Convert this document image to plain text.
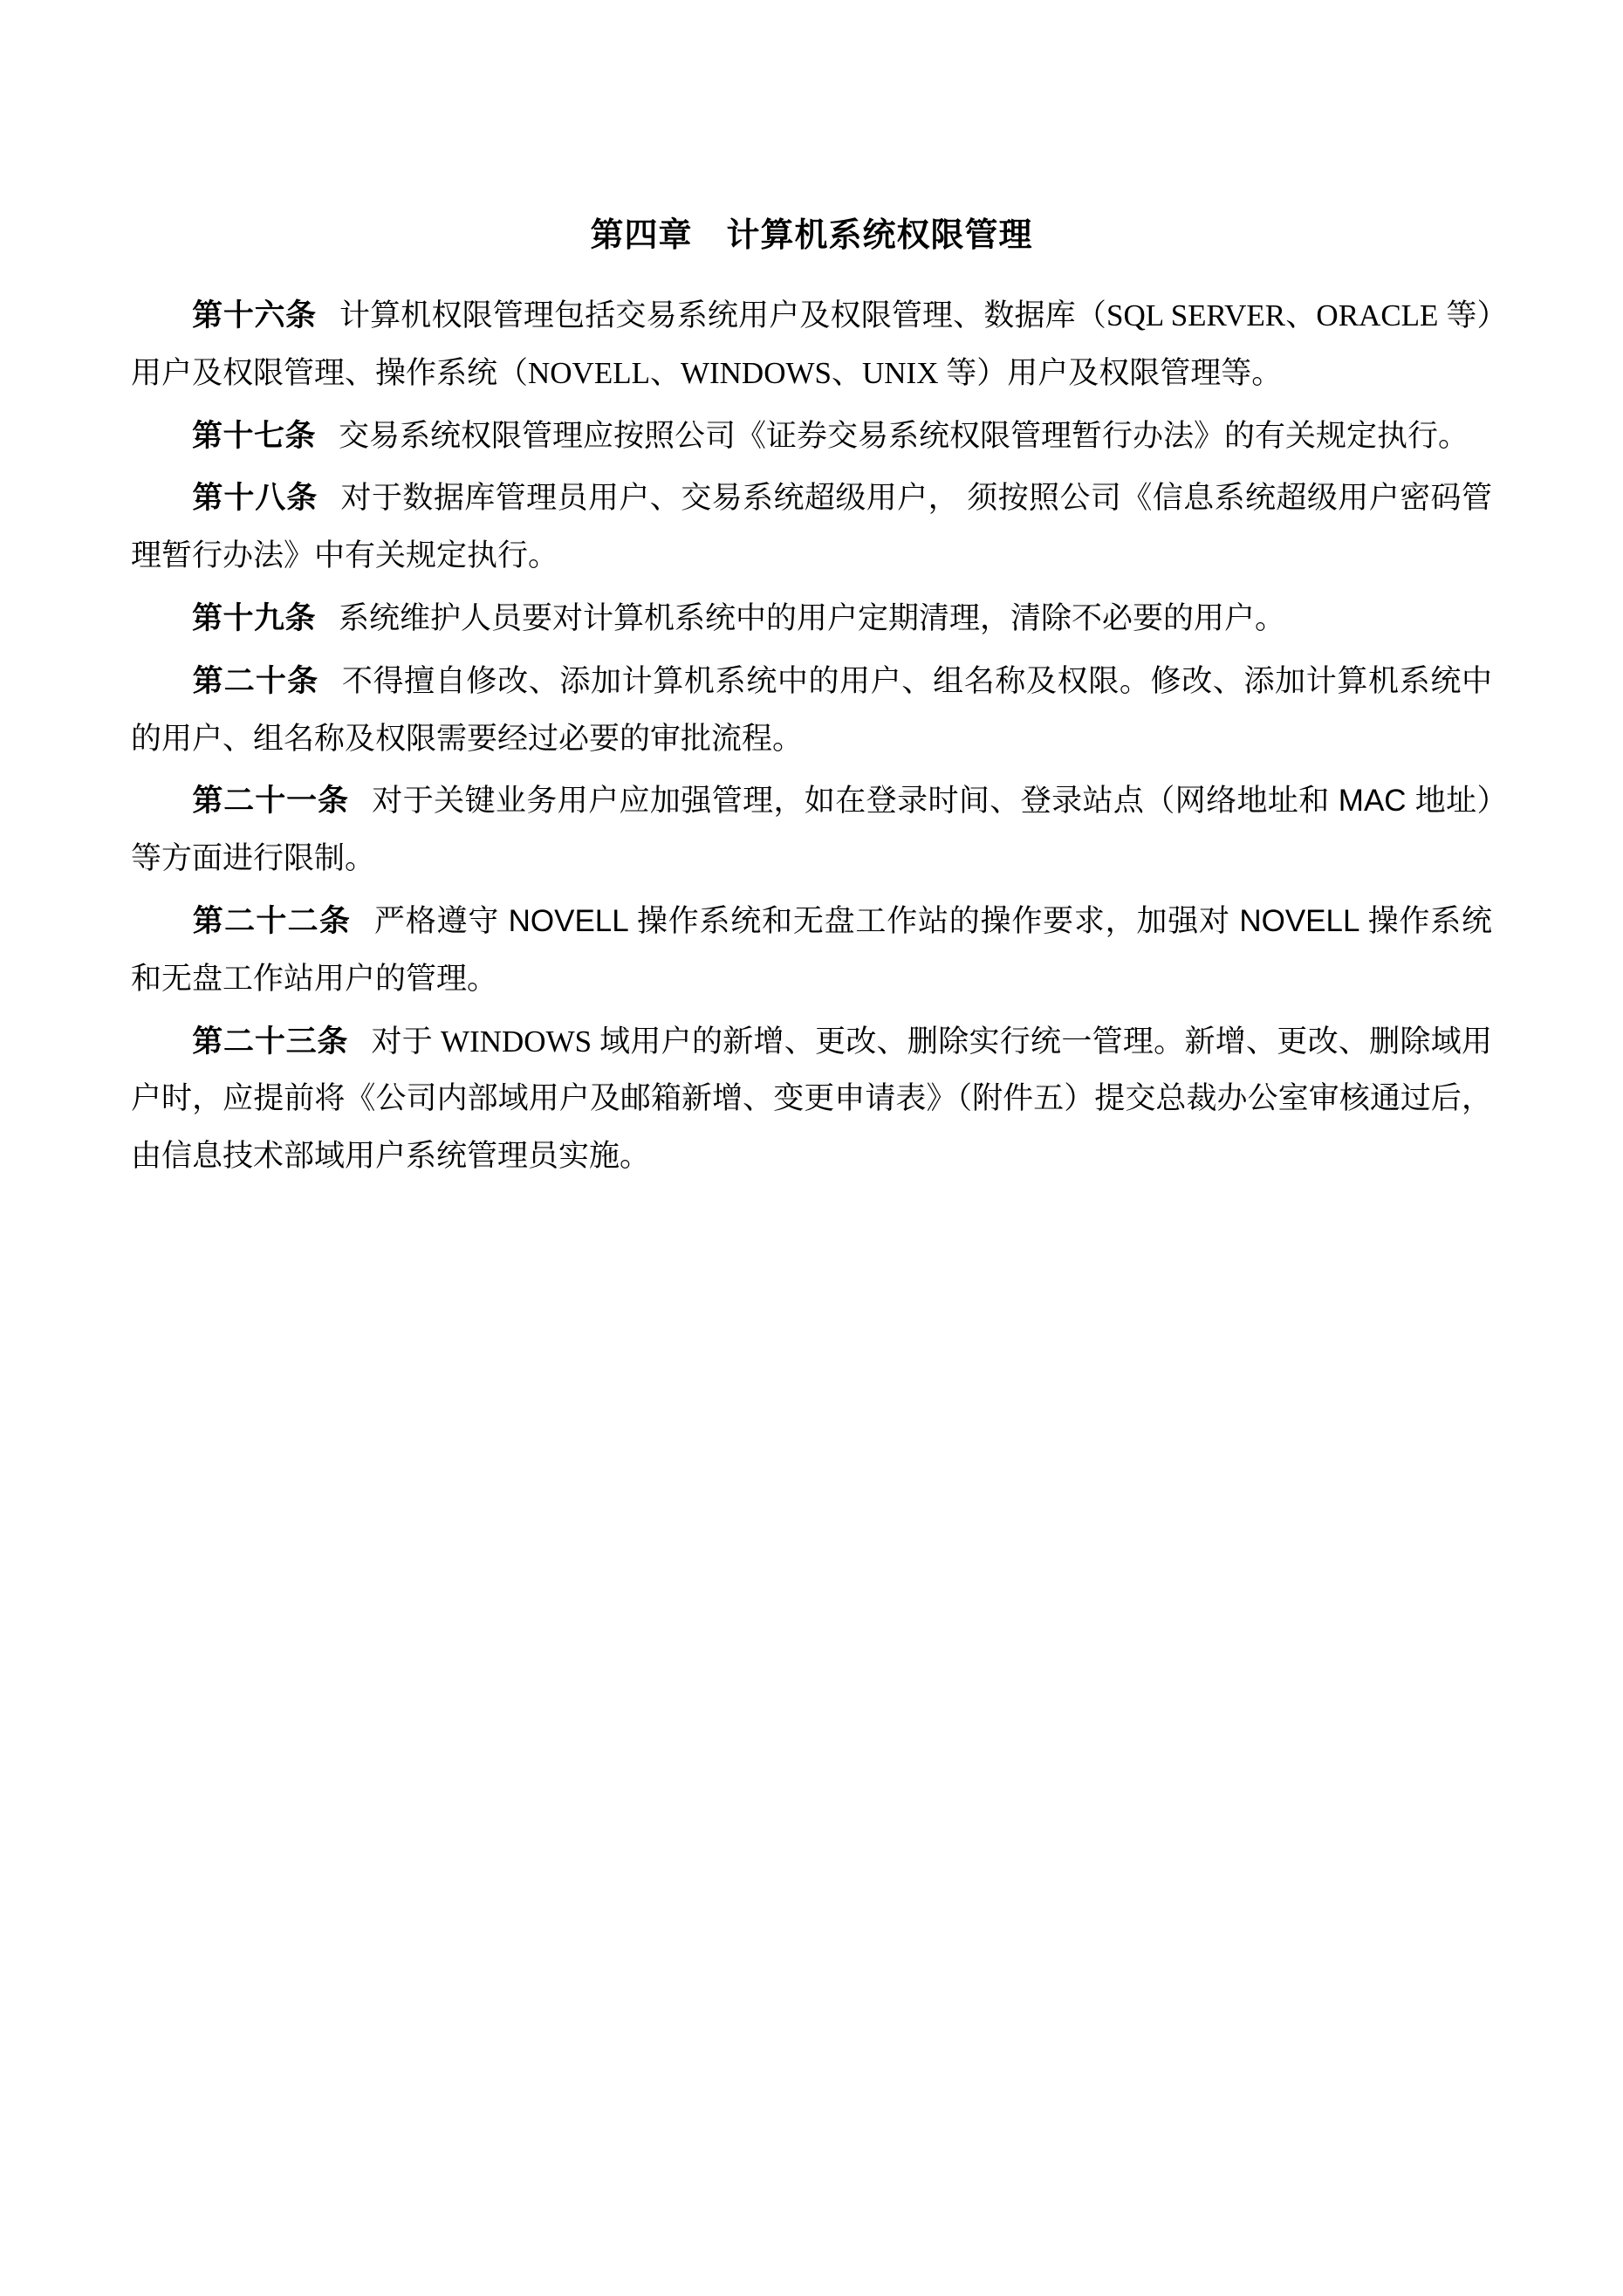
第四章　计算机系统权限管理

第十六条 计算机权限管理包括交易系统用户及权限管理、数据库（SQL SERVER、ORACLE 等）用户及权限管理、操作系统（NOVELL、WINDOWS、UNIX 等）用户及权限管理等。

第十七条 交易系统权限管理应按照公司《证券交易系统权限管理暂行办法》的有关规定执行。

第十八条 对于数据库管理员用户、交易系统超级用户， 须按照公司《信息系统超级用户密码管理暂行办法》中有关规定执行。

第十九条 系统维护人员要对计算机系统中的用户定期清理，清除不必要的用户。

第二十条 不得擅自修改、添加计算机系统中的用户、组名称及权限。修改、添加计算机系统中的用户、组名称及权限需要经过必要的审批流程。

第二十一条 对于关键业务用户应加强管理，如在登录时间、登录站点（网络地址和 MAC 地址）等方面进行限制。

第二十二条 严格遵守 NOVELL 操作系统和无盘工作站的操作要求，加强对 NOVELL 操作系统和无盘工作站用户的管理。

第二十三条 对于 WINDOWS 域用户的新增、更改、删除实行统一管理。新增、更改、删除域用户时，应提前将《公司内部域用户及邮箱新增、变更申请表》（附件五）提交总裁办公室审核通过后，由信息技术部域用户系统管理员实施。
